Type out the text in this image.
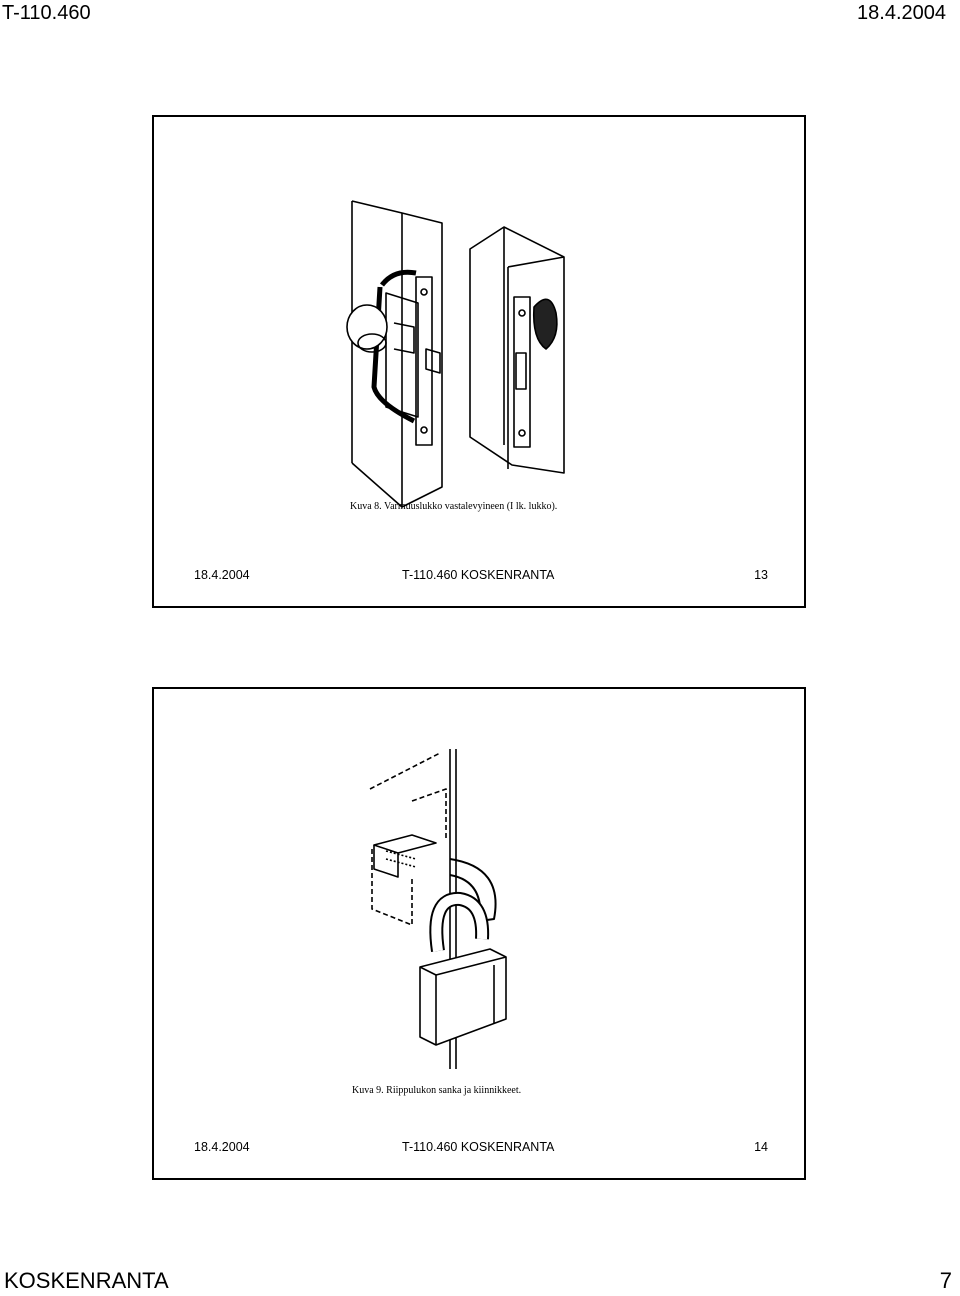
T-110.460	18.4.2004
Kuva 8. Varmuuslukko vastalevyineen (I lk. lukko).
18.4.2004	T-110.460 KOSKENRANTA	13
Kuva 9. Riippulukon sanka ja kiinnikkeet.
18.4.2004	T-110.460 KOSKENRANTA	14
KOSKENRANTA	7
